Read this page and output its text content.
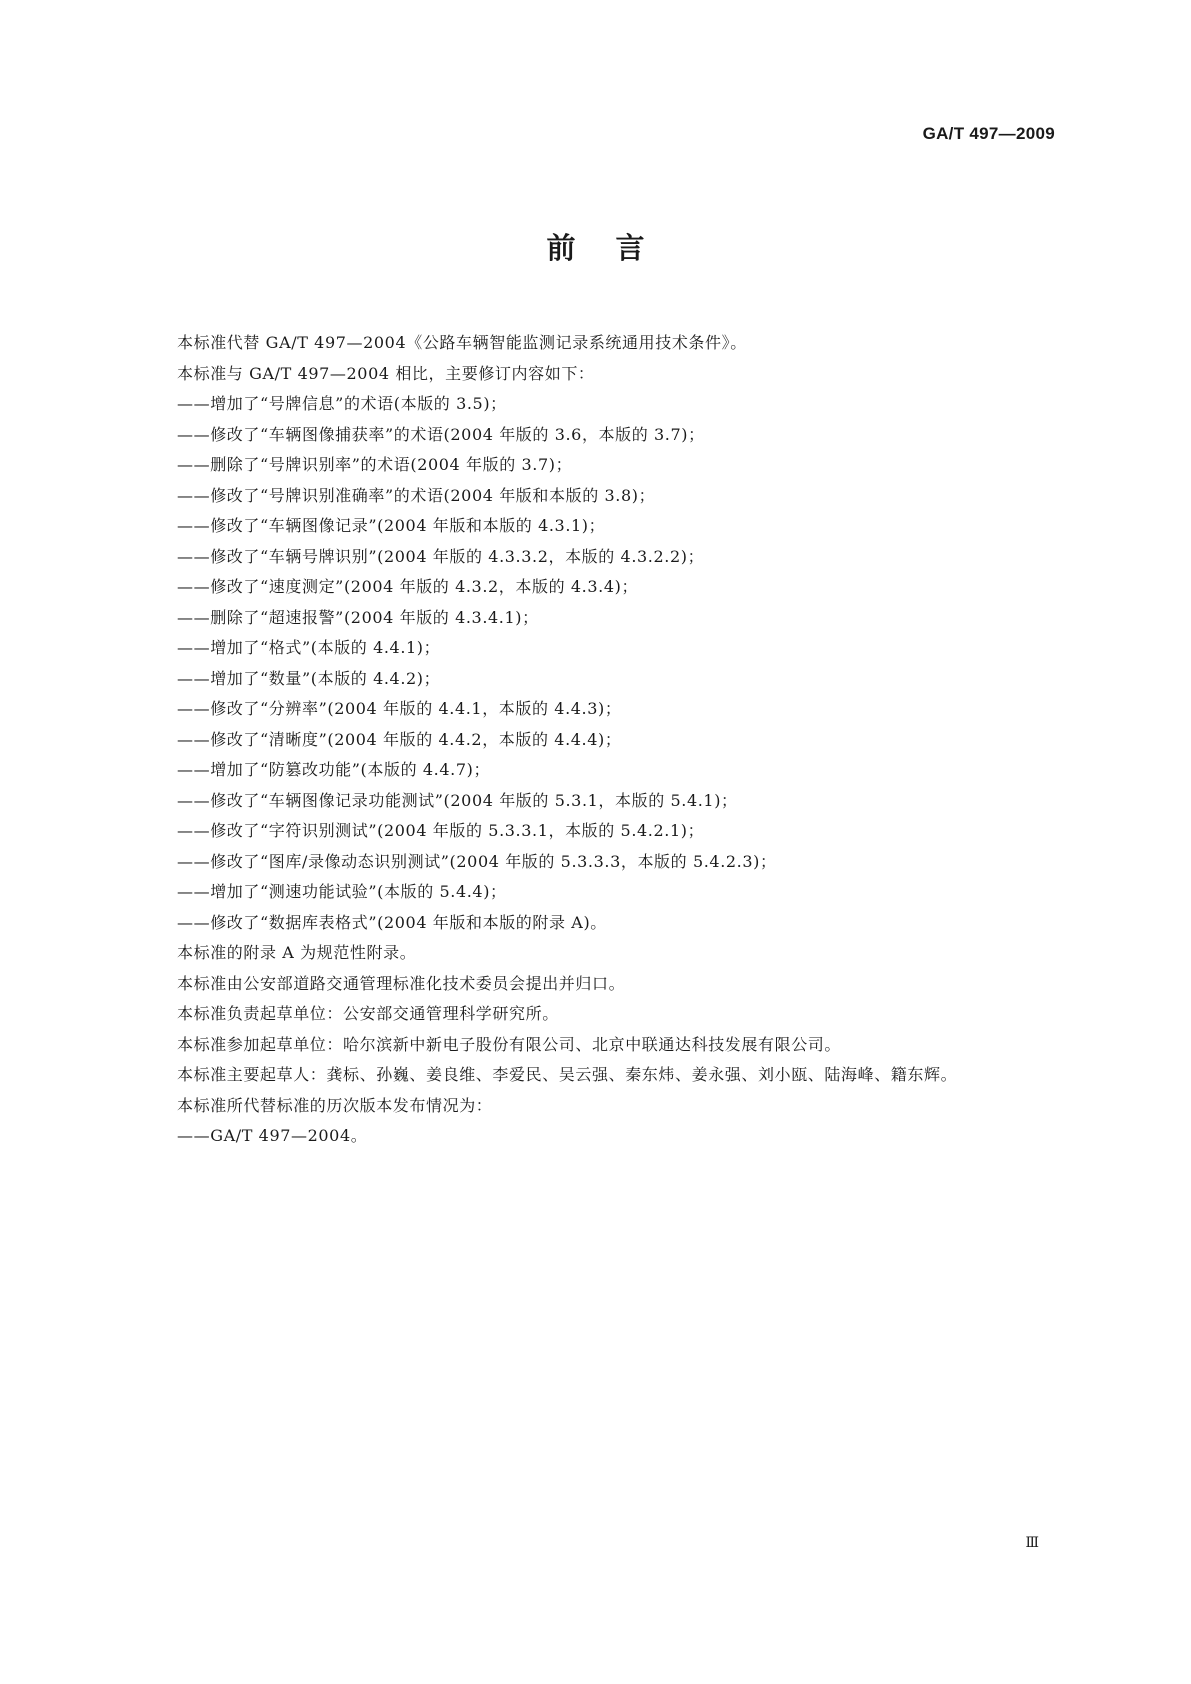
GA/T 497—2009
前言

本标准代替 GA/T 497—2004《公路车辆智能监测记录系统通用技术条件》。

本标准与 GA/T 497—2004 相比，主要修订内容如下：

——增加了“号牌信息”的术语(本版的 3.5)；

——修改了“车辆图像捕获率”的术语(2004 年版的 3.6，本版的 3.7)；

——删除了“号牌识别率”的术语(2004 年版的 3.7)；

——修改了“号牌识别准确率”的术语(2004 年版和本版的 3.8)；

——修改了“车辆图像记录”(2004 年版和本版的 4.3.1)；

——修改了“车辆号牌识别”(2004 年版的 4.3.3.2，本版的 4.3.2.2)；

——修改了“速度测定”(2004 年版的 4.3.2，本版的 4.3.4)；

——删除了“超速报警”(2004 年版的 4.3.4.1)；

——增加了“格式”(本版的 4.4.1)；

——增加了“数量”(本版的 4.4.2)；

——修改了“分辨率”(2004 年版的 4.4.1，本版的 4.4.3)；

——修改了“清晰度”(2004 年版的 4.4.2，本版的 4.4.4)；

——增加了“防篡改功能”(本版的 4.4.7)；

——修改了“车辆图像记录功能测试”(2004 年版的 5.3.1，本版的 5.4.1)；

——修改了“字符识别测试”(2004 年版的 5.3.3.1，本版的 5.4.2.1)；

——修改了“图库/录像动态识别测试”(2004 年版的 5.3.3.3，本版的 5.4.2.3)；

——增加了“测速功能试验”(本版的 5.4.4)；

——修改了“数据库表格式”(2004 年版和本版的附录 A)。

本标准的附录 A 为规范性附录。

本标准由公安部道路交通管理标准化技术委员会提出并归口。

本标准负责起草单位：公安部交通管理科学研究所。

本标准参加起草单位：哈尔滨新中新电子股份有限公司、北京中联通达科技发展有限公司。

本标准主要起草人：龚标、孙巍、姜良维、李爱民、吴云强、秦东炜、姜永强、刘小瓯、陆海峰、籍东辉。

本标准所代替标准的历次版本发布情况为：

——GA/T 497—2004。

Ⅲ
